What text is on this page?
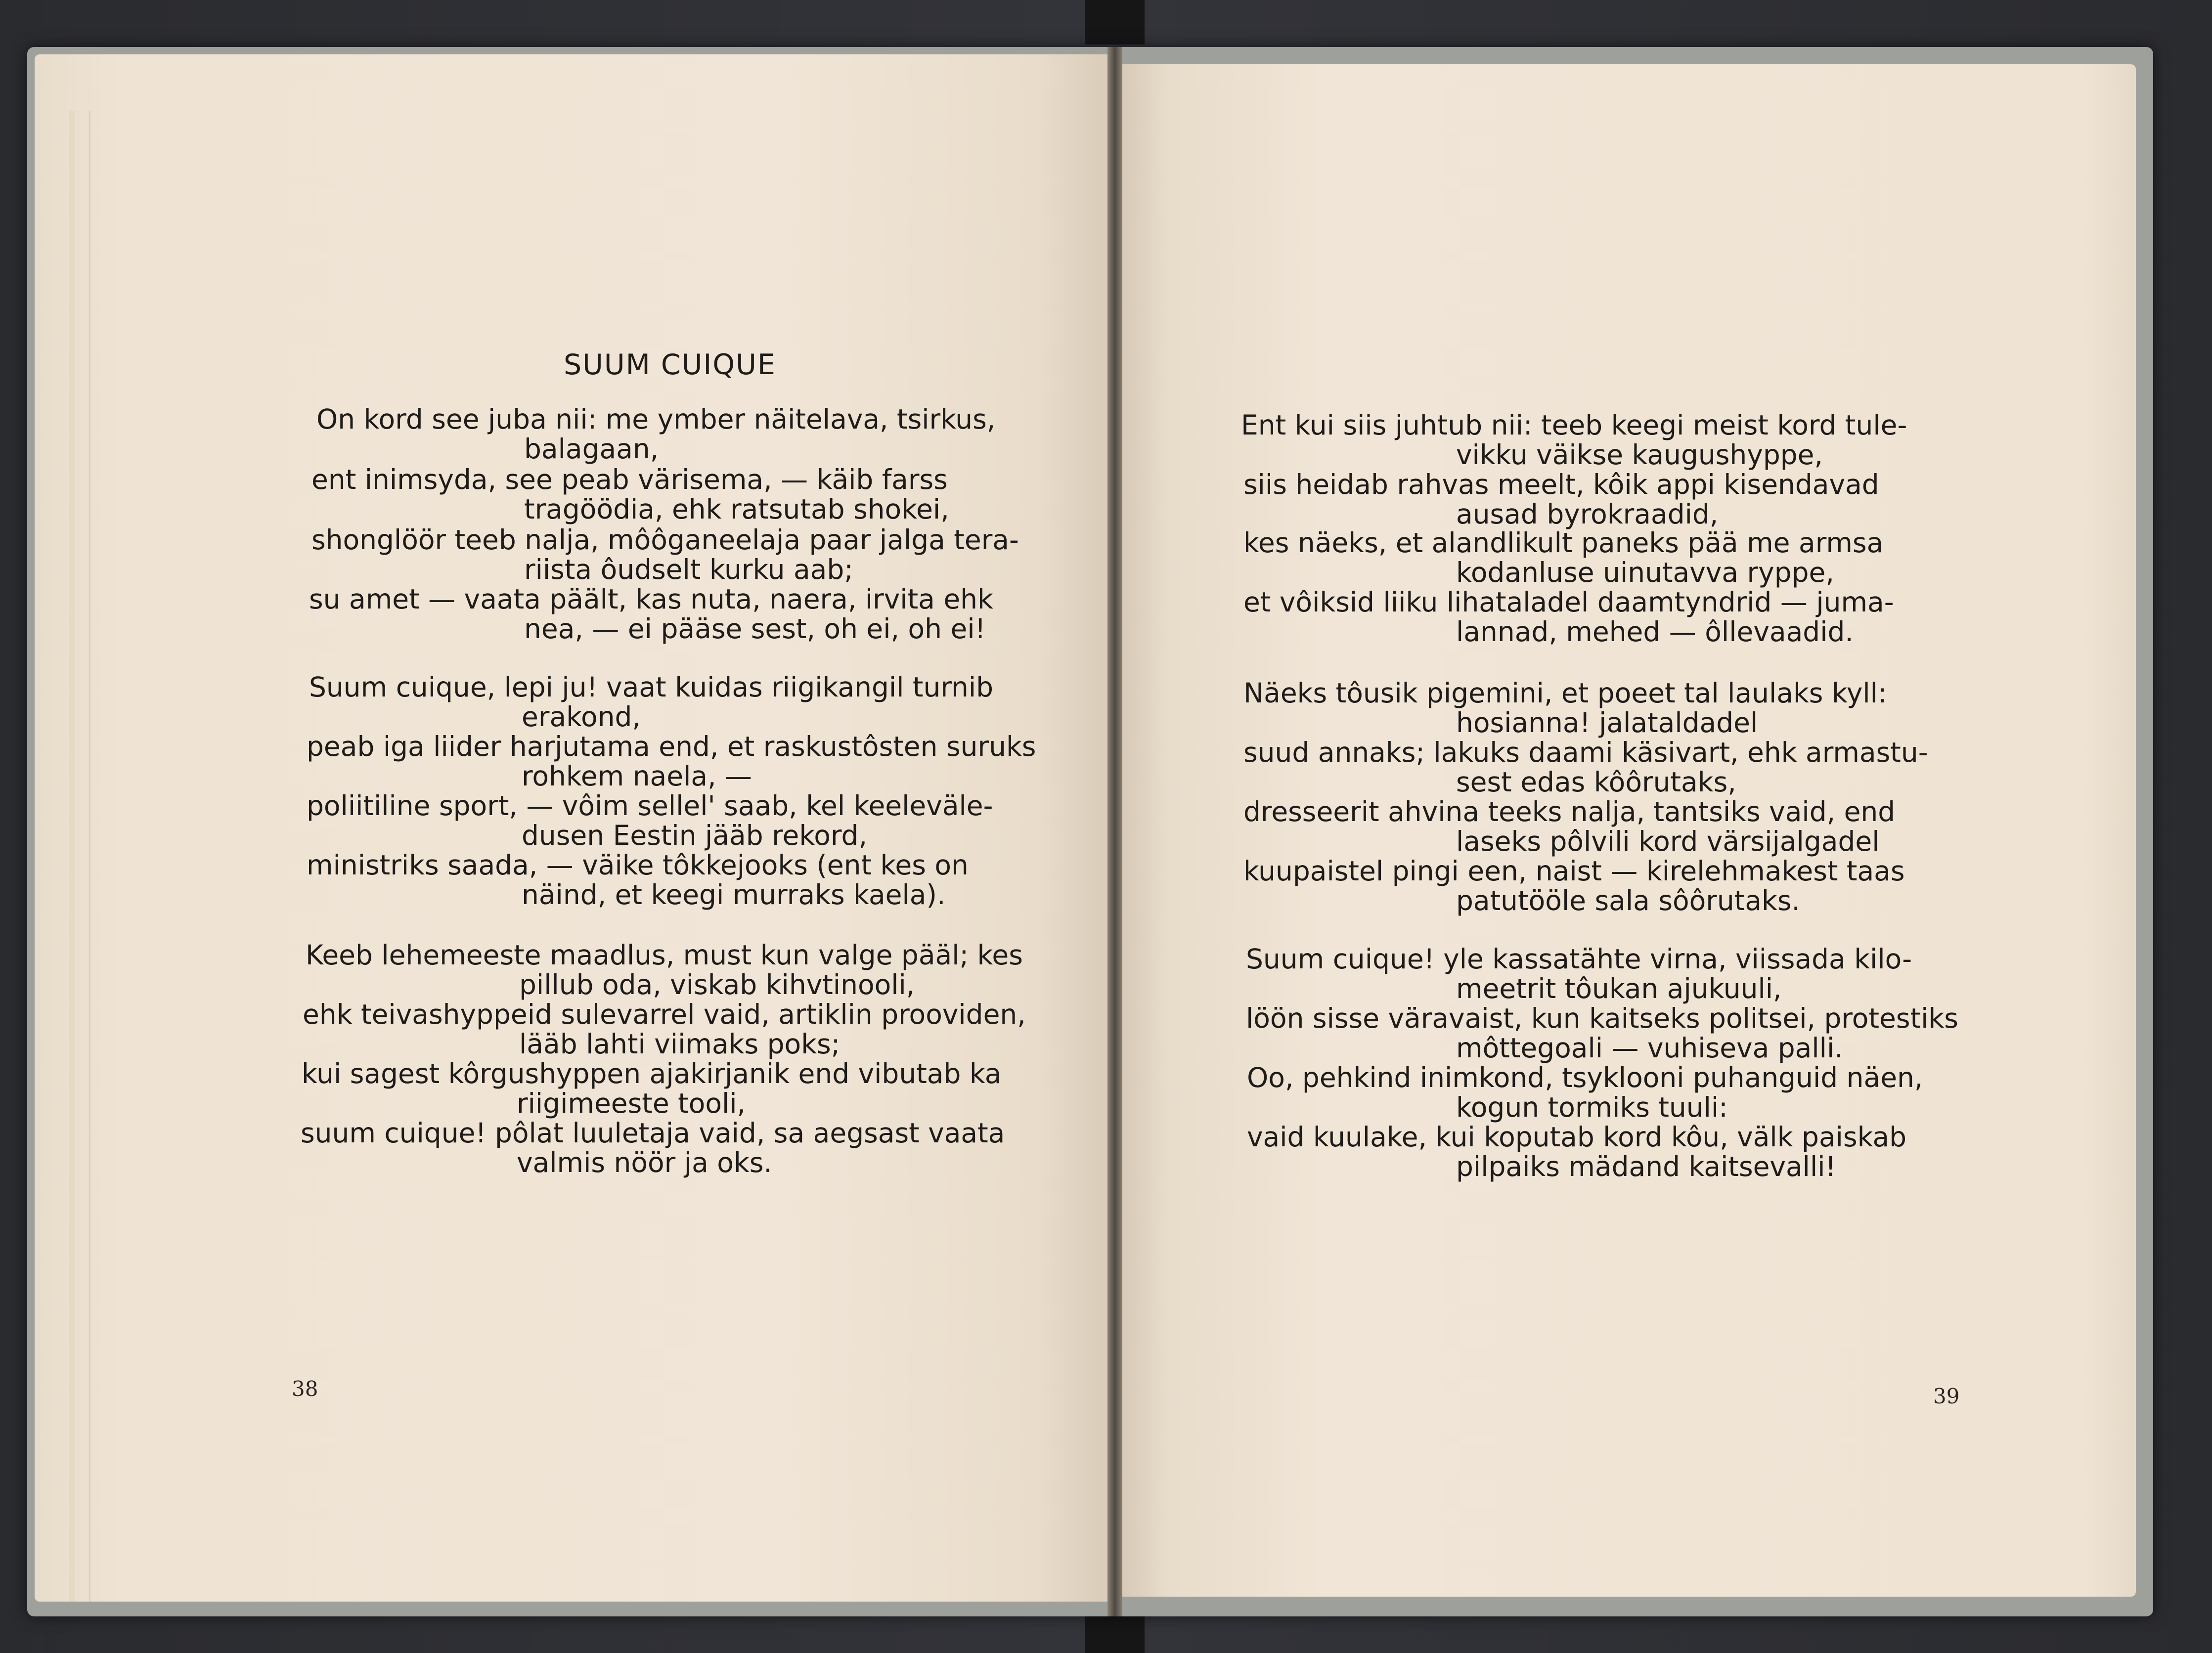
SUUM CUIQUE
On kord see juba nii: me ymber näitelava, tsirkus,
balagaan,
ent inimsyda, see peab värisema, — käib farss
tragöödia, ehk ratsutab shokei,
shonglöör teeb nalja, môôganeelaja paar jalga tera-
riista ôudselt kurku aab;
su amet — vaata päält, kas nuta, naera, irvita ehk
nea, — ei pääse sest, oh ei, oh ei!
Suum cuique, lepi ju! vaat kuidas riigikangil turnib
erakond,
peab iga liider harjutama end, et raskustôsten suruks
rohkem naela, —
poliitiline sport, — vôim sellel' saab, kel keeleväle-
dusen Eestin jääb rekord,
ministriks saada, — väike tôkkejooks (ent kes on
näind, et keegi murraks kaela).
Keeb lehemeeste maadlus, must kun valge pääl; kes
pillub oda, viskab kihvtinooli,
ehk teivashyppeid sulevarrel vaid, artiklin prooviden,
lääb lahti viimaks poks;
kui sagest kôrgushyppen ajakirjanik end vibutab ka
riigimeeste tooli,
suum cuique! pôlat luuletaja vaid, sa aegsast vaata
valmis nöör ja oks.
Ent kui siis juhtub nii: teeb keegi meist kord tule-
vikku väikse kaugushyppe,
siis heidab rahvas meelt, kôik appi kisendavad
ausad byrokraadid,
kes näeks, et alandlikult paneks pää me armsa
kodanluse uinutavva ryppe,
et vôiksid liiku lihataladel daamtyndrid — juma-
lannad, mehed — ôllevaadid.
Näeks tôusik pigemini, et poeet tal laulaks kyll:
hosianna! jalataldadel
suud annaks; lakuks daami käsivart, ehk armastu-
sest edas kôôrutaks,
dresseerit ahvina teeks nalja, tantsiks vaid, end
laseks pôlvili kord värsijalgadel
kuupaistel pingi een, naist — kirelehmakest taas
patutööle sala sôôrutaks.
Suum cuique! yle kassatähte virna, viissada kilo-
meetrit tôukan ajukuuli,
löön sisse väravaist, kun kaitseks politsei, protestiks
môttegoali — vuhiseva palli.
Oo, pehkind inimkond, tsyklooni puhanguid näen,
kogun tormiks tuuli:
vaid kuulake, kui koputab kord kôu, välk paiskab
pilpaiks mädand kaitsevalli!
38	39
